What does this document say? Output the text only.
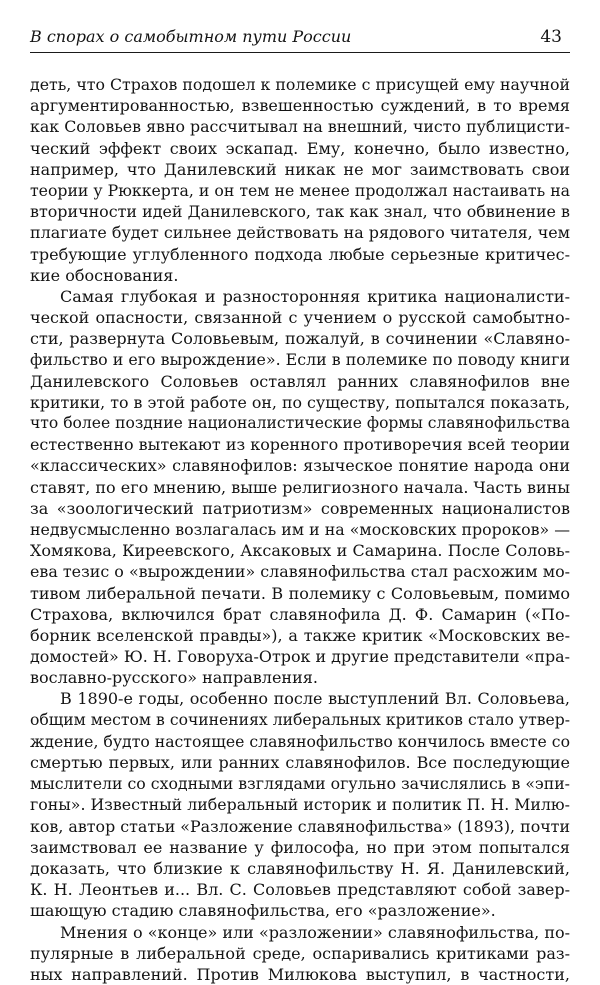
В спорах о самобытном пути России	43
деть, что Страхов подошел к полемике с присущей ему научной
аргументированностью, взвешенностью суждений, в то время
как Соловьев явно рассчитывал на внешний, чисто публицисти-
ческий эффект своих эскапад. Ему, конечно, было известно,
например, что Данилевский никак не мог заимствовать свои
теории у Рюккерта, и он тем не менее продолжал настаивать на
вторичности идей Данилевского, так как знал, что обвинение в
плагиате будет сильнее действовать на рядового читателя, чем
требующие углубленного подхода любые серьезные критичес-
кие обоснования.
Самая глубокая и разносторонняя критика националисти-
ческой опасности, связанной с учением о русской самобытно-
сти, развернута Соловьевым, пожалуй, в сочинении «Славяно-
фильство и его вырождение». Если в полемике по поводу книги
Данилевского Соловьев оставлял ранних славянофилов вне
критики, то в этой работе он, по существу, попытался показать,
что более поздние националистические формы славянофильства
естественно вытекают из коренного противоречия всей теории
«классических» славянофилов: языческое понятие народа они
ставят, по его мнению, выше религиозного начала. Часть вины
за «зоологический патриотизм» современных националистов
недвусмысленно возлагалась им и на «московских пророков» —
Хомякова, Киреевского, Аксаковых и Самарина. После Соловь-
ева тезис о «вырождении» славянофильства стал расхожим мо-
тивом либеральной печати. В полемику с Соловьевым, помимо
Страхова, включился брат славянофила Д. Ф. Самарин («По-
борник вселенской правды»), а также критик «Московских ве-
домостей» Ю. Н. Говоруха-Отрок и другие представители «пра-
вославно-русского» направления.
В 1890-е годы, особенно после выступлений Вл. Соловьева,
общим местом в сочинениях либеральных критиков стало утвер-
ждение, будто настоящее славянофильство кончилось вместе со
смертью первых, или ранних славянофилов. Все последующие
мыслители со сходными взглядами огульно зачислялись в «эпи-
гоны». Известный либеральный историк и политик П. Н. Милю-
ков, автор статьи «Разложение славянофильства» (1893), почти
заимствовал ее название у философа, но при этом попытался
доказать, что близкие к славянофильству Н. Я. Данилевский,
К. Н. Леонтьев и... Вл. С. Соловьев представляют собой завер-
шающую стадию славянофильства, его «разложение».
Мнения о «конце» или «разложении» славянофильства, по-
пулярные в либеральной среде, оспаривались критиками раз-
ных направлений. Против Милюкова выступил, в частности,
